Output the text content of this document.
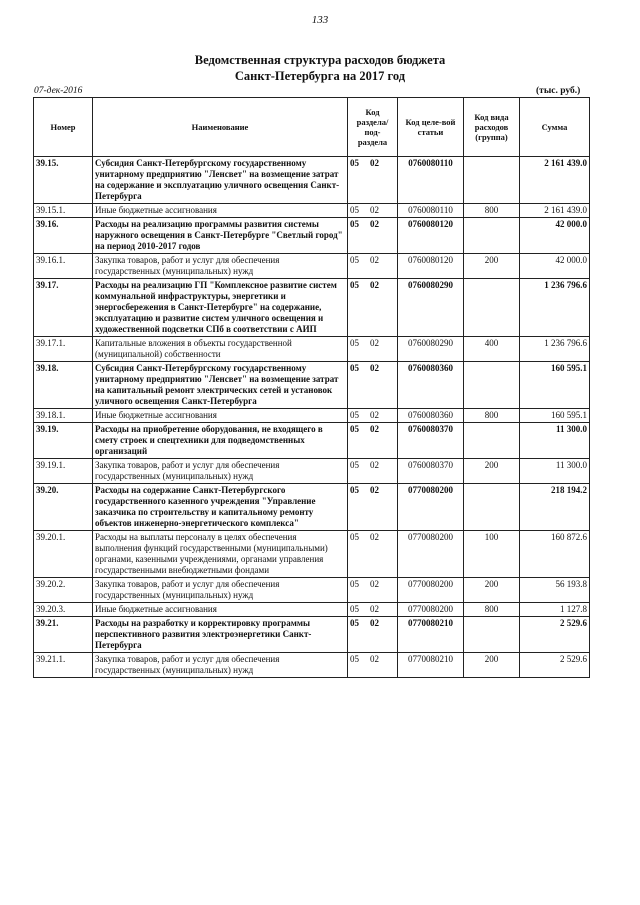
133
Ведомственная структура расходов бюджета
Санкт-Петербурга на 2017 год
07-дек-2016	(тыс. руб.)
Номер	Наименование	Код раздела/ под-раздела	Код целе-вой статьи	Код вида расходов (группа)	Сумма
39.15.	Субсидия Санкт-Петербургскому государственному унитарному предприятию "Ленсвет" на возмещение затрат на содержание и эксплуатацию уличного освещения Санкт-Петербурга	05 02	0760080110		2 161 439.0
39.15.1.	Иные бюджетные ассигнования	05 02	0760080110	800	2 161 439.0
39.16.	Расходы на реализацию программы развития системы наружного освещения в Санкт-Петербурге "Светлый город" на период 2010-2017 годов	05 02	0760080120		42 000.0
39.16.1.	Закупка товаров, работ и услуг для обеспечения государственных (муниципальных) нужд	05 02	0760080120	200	42 000.0
39.17.	Расходы на реализацию ГП "Комплексное развитие систем коммунальной инфраструктуры, энергетики и энергосбережения в Санкт-Петербурге" на содержание, эксплуатацию и развитие систем уличного освещения и художественной подсветки СПб в соответствии с АИП	05 02	0760080290		1 236 796.6
39.17.1.	Капитальные вложения в объекты государственной (муниципальной) собственности	05 02	0760080290	400	1 236 796.6
39.18.	Субсидия Санкт-Петербургскому государственному унитарному предприятию "Ленсвет" на возмещение затрат на капитальный ремонт электрических сетей и установок уличного освещения Санкт-Петербурга	05 02	0760080360		160 595.1
39.18.1.	Иные бюджетные ассигнования	05 02	0760080360	800	160 595.1
39.19.	Расходы на приобретение оборудования, не входящего в смету строек и спецтехники для подведомственных организаций	05 02	0760080370		11 300.0
39.19.1.	Закупка товаров, работ и услуг для обеспечения государственных (муниципальных) нужд	05 02	0760080370	200	11 300.0
39.20.	Расходы на содержание Санкт-Петербургского государственного казенного учреждения "Управление заказчика по строительству и капитальному ремонту объектов инженерно-энергетического комплекса"	05 02	0770080200		218 194.2
39.20.1.	Расходы на выплаты персоналу в целях обеспечения выполнения функций государственными (муниципальными) органами, казенными учреждениями, органами управления государственными внебюджетными фондами	05 02	0770080200	100	160 872.6
39.20.2.	Закупка товаров, работ и услуг для обеспечения государственных (муниципальных) нужд	05 02	0770080200	200	56 193.8
39.20.3.	Иные бюджетные ассигнования	05 02	0770080200	800	1 127.8
39.21.	Расходы на разработку и корректировку программы перспективного развития электроэнергетики Санкт-Петербурга	05 02	0770080210		2 529.6
39.21.1.	Закупка товаров, работ и услуг для обеспечения государственных (муниципальных) нужд	05 02	0770080210	200	2 529.6
